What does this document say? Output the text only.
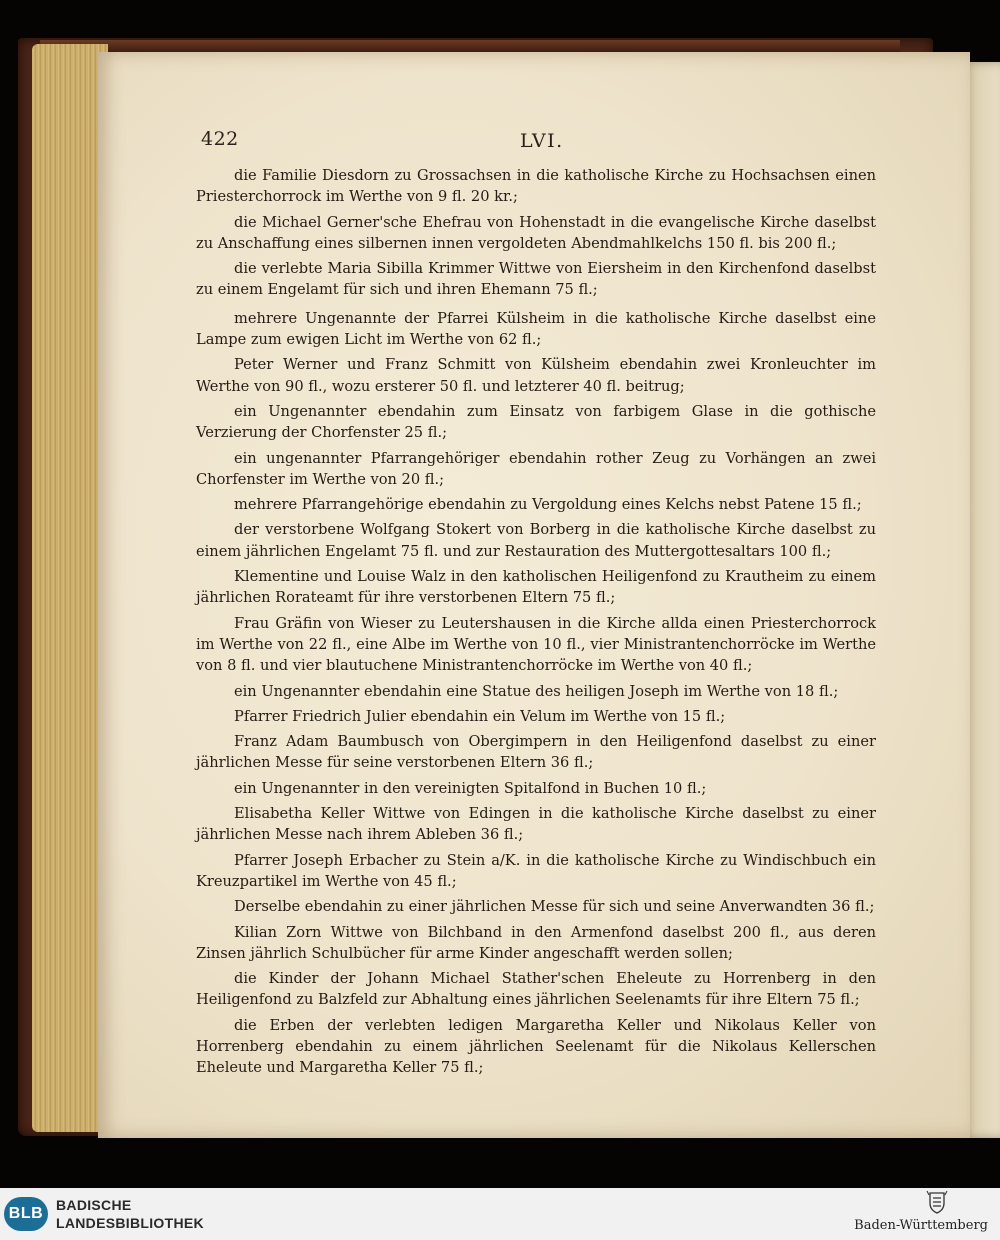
422	LVI.

die Familie Diesdorn zu Grossachsen in die katholische Kirche zu Hochsachsen einen Priesterchorrock im Werthe von 9 fl. 20 kr.;

die Michael Gerner'sche Ehefrau von Hohenstadt in die evangelische Kirche daselbst zu Anschaffung eines silbernen innen vergoldeten Abendmahlkelchs 150 fl. bis 200 fl.;

die verlebte Maria Sibilla Krimmer Wittwe von Eiersheim in den Kirchenfond daselbst zu einem Engelamt für sich und ihren Ehemann 75 fl.;

mehrere Ungenannte der Pfarrei Külsheim in die katholische Kirche daselbst eine Lampe zum ewigen Licht im Werthe von 62 fl.;

Peter Werner und Franz Schmitt von Külsheim ebendahin zwei Kronleuchter im Werthe von 90 fl., wozu ersterer 50 fl. und letzterer 40 fl. beitrug;

ein Ungenannter ebendahin zum Einsatz von farbigem Glase in die gothische Verzierung der Chorfenster 25 fl.;

ein ungenannter Pfarrangehöriger ebendahin rother Zeug zu Vorhängen an zwei Chorfenster im Werthe von 20 fl.;

mehrere Pfarrangehörige ebendahin zu Vergoldung eines Kelchs nebst Patene 15 fl.;

der verstorbene Wolfgang Stokert von Borberg in die katholische Kirche daselbst zu einem jährlichen Engelamt 75 fl. und zur Restauration des Muttergottesaltars 100 fl.;

Klementine und Louise Walz in den katholischen Heiligenfond zu Krautheim zu einem jährlichen Rorateamt für ihre verstorbenen Eltern 75 fl.;

Frau Gräfin von Wieser zu Leutershausen in die Kirche allda einen Priesterchorrock im Werthe von 22 fl., eine Albe im Werthe von 10 fl., vier Ministrantenchorröcke im Werthe von 8 fl. und vier blautuchene Ministrantenchorröcke im Werthe von 40 fl.;

ein Ungenannter ebendahin eine Statue des heiligen Joseph im Werthe von 18 fl.;

Pfarrer Friedrich Julier ebendahin ein Velum im Werthe von 15 fl.;

Franz Adam Baumbusch von Obergimpern in den Heiligenfond daselbst zu einer jährlichen Messe für seine verstorbenen Eltern 36 fl.;

ein Ungenannter in den vereinigten Spitalfond in Buchen 10 fl.;

Elisabetha Keller Wittwe von Edingen in die katholische Kirche daselbst zu einer jährlichen Messe nach ihrem Ableben 36 fl.;

Pfarrer Joseph Erbacher zu Stein a/K. in die katholische Kirche zu Windischbuch ein Kreuzpartikel im Werthe von 45 fl.;

Derselbe ebendahin zu einer jährlichen Messe für sich und seine Anverwandten 36 fl.;

Kilian Zorn Wittwe von Bilchband in den Armenfond daselbst 200 fl., aus deren Zinsen jährlich Schulbücher für arme Kinder angeschafft werden sollen;

die Kinder der Johann Michael Stather'schen Eheleute zu Horrenberg in den Heiligenfond zu Balzfeld zur Abhaltung eines jährlichen Seelenamts für ihre Eltern 75 fl.;

die Erben der verlebten ledigen Margaretha Keller und Nikolaus Keller von Horrenberg ebendahin zu einem jährlichen Seelenamt für die Nikolaus Kellerschen Eheleute und Margaretha Keller 75 fl.;

BLB BADISCHE
LANDESBIBLIOTHEK	Baden-Württemberg
